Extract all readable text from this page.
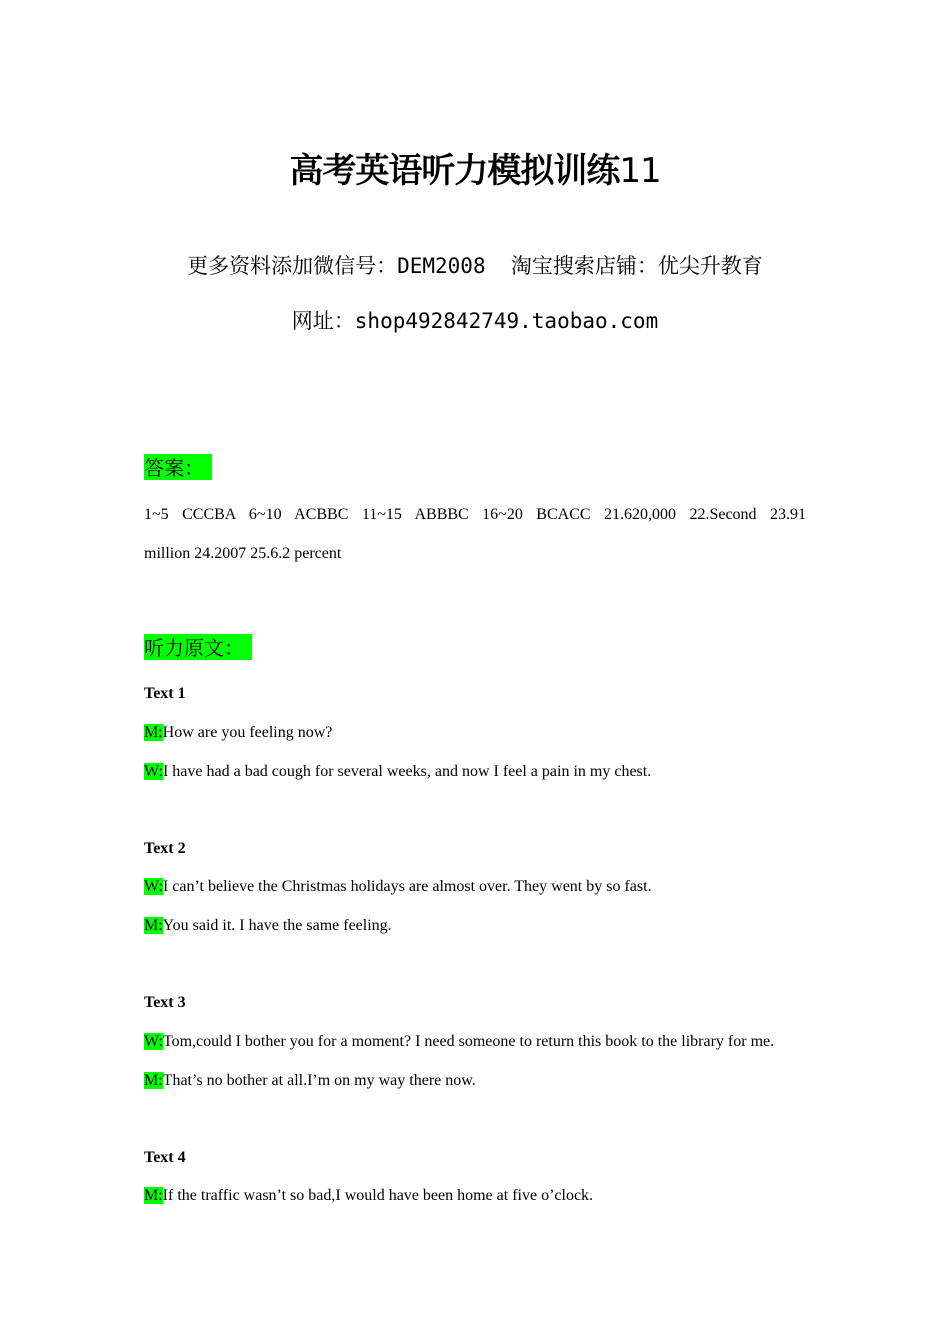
高考英语听力模拟训练11
更多资料添加微信号：DEM2008  淘宝搜索店铺：优尖升教育
网址：shop492842749.taobao.com
答案：
1~5 CCCBA 6~10 ACBBC 11~15 ABBBC 16~20 BCACC 21.620,000 22.Second 23.91
million 24.2007 25.6.2 percent
听力原文：
Text 1
M:How are you feeling now?
W:I have had a bad cough for several weeks, and now I feel a pain in my chest.
Text 2
W:I can’t believe the Christmas holidays are almost over. They went by so fast.
M:You said it. I have the same feeling.
Text 3
W:Tom,could I bother you for a moment? I need someone to return this book to the library for me.
M:That’s no bother at all.I’m on my way there now.
Text 4
M:If the traffic wasn’t so bad,I would have been home at five o’clock.
